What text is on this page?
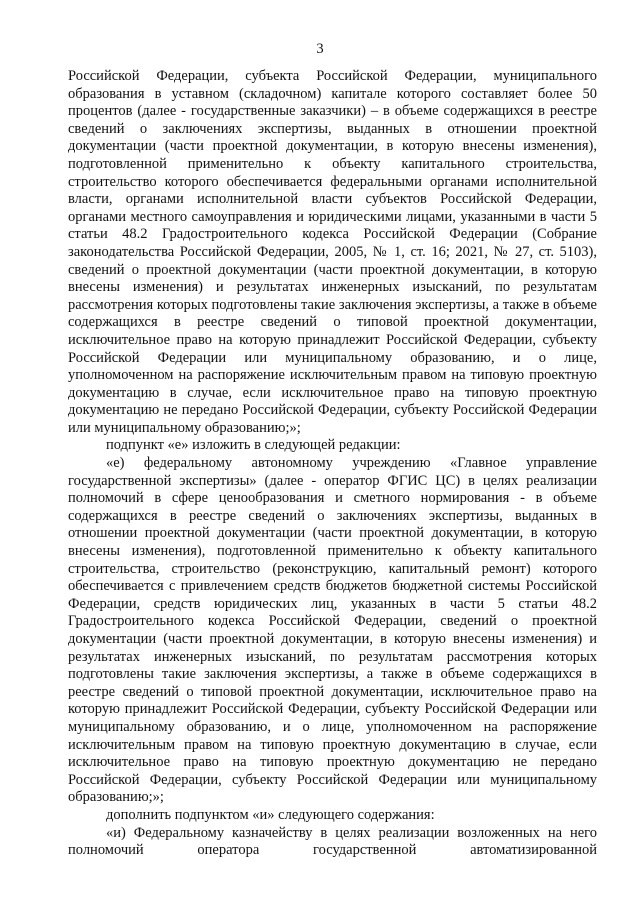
3

Российской Федерации, субъекта Российской Федерации, муниципального образования в уставном (складочном) капитале которого составляет более 50 процентов (далее - государственные заказчики) – в объеме содержащихся в реестре сведений о заключениях экспертизы, выданных в отношении проектной документации (части проектной документации, в которую внесены изменения), подготовленной применительно к объекту капитального строительства, строительство которого обеспечивается федеральными органами исполнительной власти, органами исполнительной власти субъектов Российской Федерации, органами местного самоуправления и юридическими лицами, указанными в части 5 статьи 48.2 Градостроительного кодекса Российской Федерации (Собрание законодательства Российской Федерации, 2005, № 1, ст. 16; 2021, № 27, ст. 5103), сведений о проектной документации (части проектной документации, в которую внесены изменения) и результатах инженерных изысканий, по результатам рассмотрения которых подготовлены такие заключения экспертизы, а также в объеме содержащихся в реестре сведений о типовой проектной документации, исключительное право на которую принадлежит Российской Федерации, субъекту Российской Федерации или муниципальному образованию, и о лице, уполномоченном на распоряжение исключительным правом на типовую проектную документацию в случае, если исключительное право на типовую проектную документацию не передано Российской Федерации, субъекту Российской Федерации или муниципальному образованию;»;

подпункт «е» изложить в следующей редакции:

«е) федеральному автономному учреждению «Главное управление государственной экспертизы» (далее - оператор ФГИС ЦС) в целях реализации полномочий в сфере ценообразования и сметного нормирования - в объеме содержащихся в реестре сведений о заключениях экспертизы, выданных в отношении проектной документации (части проектной документации, в которую внесены изменения), подготовленной применительно к объекту капитального строительства, строительство (реконструкцию, капитальный ремонт) которого обеспечивается с привлечением средств бюджетов бюджетной системы Российской Федерации, средств юридических лиц, указанных в части 5 статьи 48.2 Градостроительного кодекса Российской Федерации, сведений о проектной документации (части проектной документации, в которую внесены изменения) и результатах инженерных изысканий, по результатам рассмотрения которых подготовлены такие заключения экспертизы, а также в объеме содержащихся в реестре сведений о типовой проектной документации, исключительное право на которую принадлежит Российской Федерации, субъекту Российской Федерации или муниципальному образованию, и о лице, уполномоченном на распоряжение исключительным правом на типовую проектную документацию в случае, если исключительное право на типовую проектную документацию не передано Российской Федерации, субъекту Российской Федерации или муниципальному образованию;»;

дополнить подпунктом «и» следующего содержания:

«и) Федеральному казначейству в целях реализации возложенных на него полномочий оператора государственной автоматизированной
